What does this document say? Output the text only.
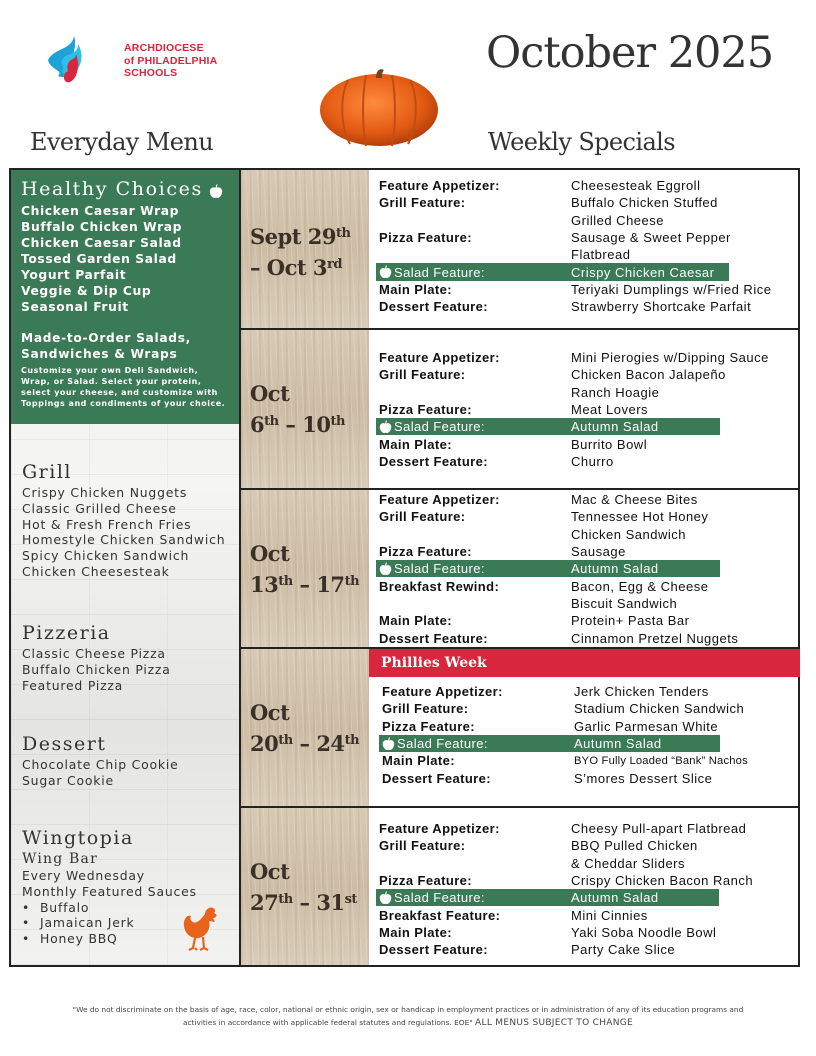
ARCHDIOCESE
of PHILADELPHIA
SCHOOLS	October 2025
Everyday Menu	Weekly Specials
Healthy Choices
Chicken Caesar Wrap
Buffalo Chicken Wrap
Chicken Caesar Salad
Tossed Garden Salad
Yogurt Parfait
Veggie & Dip Cup
Seasonal Fruit
Made-to-Order Salads,
Sandwiches & Wraps
Customize your own Deli Sandwich, Wrap, or Salad. Select your protein, select your cheese, and customize with Toppings and condiments of your choice.
Grill
Crispy Chicken Nuggets
Classic Grilled Cheese
Hot & Fresh French Fries
Homestyle Chicken Sandwich
Spicy Chicken Sandwich
Chicken Cheesesteak
Pizzeria
Classic Cheese Pizza
Buffalo Chicken Pizza
Featured Pizza
Dessert
Chocolate Chip Cookie
Sugar Cookie
Wingtopia
Wing Bar
Every Wednesday
Monthly Featured Sauces
• Buffalo
• Jamaican Jerk
• Honey BBQ
Sept 29th
– Oct 3rd
Feature Appetizer:	Cheesesteak Eggroll
Grill Feature:	Buffalo Chicken Stuffed
Grilled Cheese
Pizza Feature:	Sausage & Sweet Pepper
Flatbread
Salad Feature:	Crispy Chicken Caesar
Main Plate:	Teriyaki Dumplings w/Fried Rice
Dessert Feature:	Strawberry Shortcake Parfait
Oct
6th – 10th
Feature Appetizer:	Mini Pierogies w/Dipping Sauce
Grill Feature:	Chicken Bacon Jalapeño
Ranch Hoagie
Pizza Feature:	Meat Lovers
Salad Feature:	Autumn Salad
Main Plate:	Burrito Bowl
Dessert Feature:	Churro
Oct
13th – 17th
Feature Appetizer:	Mac & Cheese Bites
Grill Feature:	Tennessee Hot Honey
Chicken Sandwich
Pizza Feature:	Sausage
Salad Feature:	Autumn Salad
Breakfast Rewind:	Bacon, Egg & Cheese
Biscuit Sandwich
Main Plate:	Protein+ Pasta Bar
Dessert Feature:	Cinnamon Pretzel Nuggets
Oct
20th – 24th
Phillies Week
Feature Appetizer:	Jerk Chicken Tenders
Grill Feature:	Stadium Chicken Sandwich
Pizza Feature:	Garlic Parmesan White
Salad Feature:	Autumn Salad
Main Plate:	BYO Fully Loaded “Bank” Nachos
Dessert Feature:	S’mores Dessert Slice
Oct
27th – 31st
Feature Appetizer:	Cheesy Pull-apart Flatbread
Grill Feature:	BBQ Pulled Chicken
& Cheddar Sliders
Pizza Feature:	Crispy Chicken Bacon Ranch
Salad Feature:	Autumn Salad
Breakfast Feature:	Mini Cinnies
Main Plate:	Yaki Soba Noodle Bowl
Dessert Feature:	Party Cake Slice
"We do not discriminate on the basis of age, race, color, national or ethnic origin, sex or handicap in employment practices or in administration of any of its education programs and
activities in accordance with applicable federal statutes and regulations. EOE" ALL MENUS SUBJECT TO CHANGE
